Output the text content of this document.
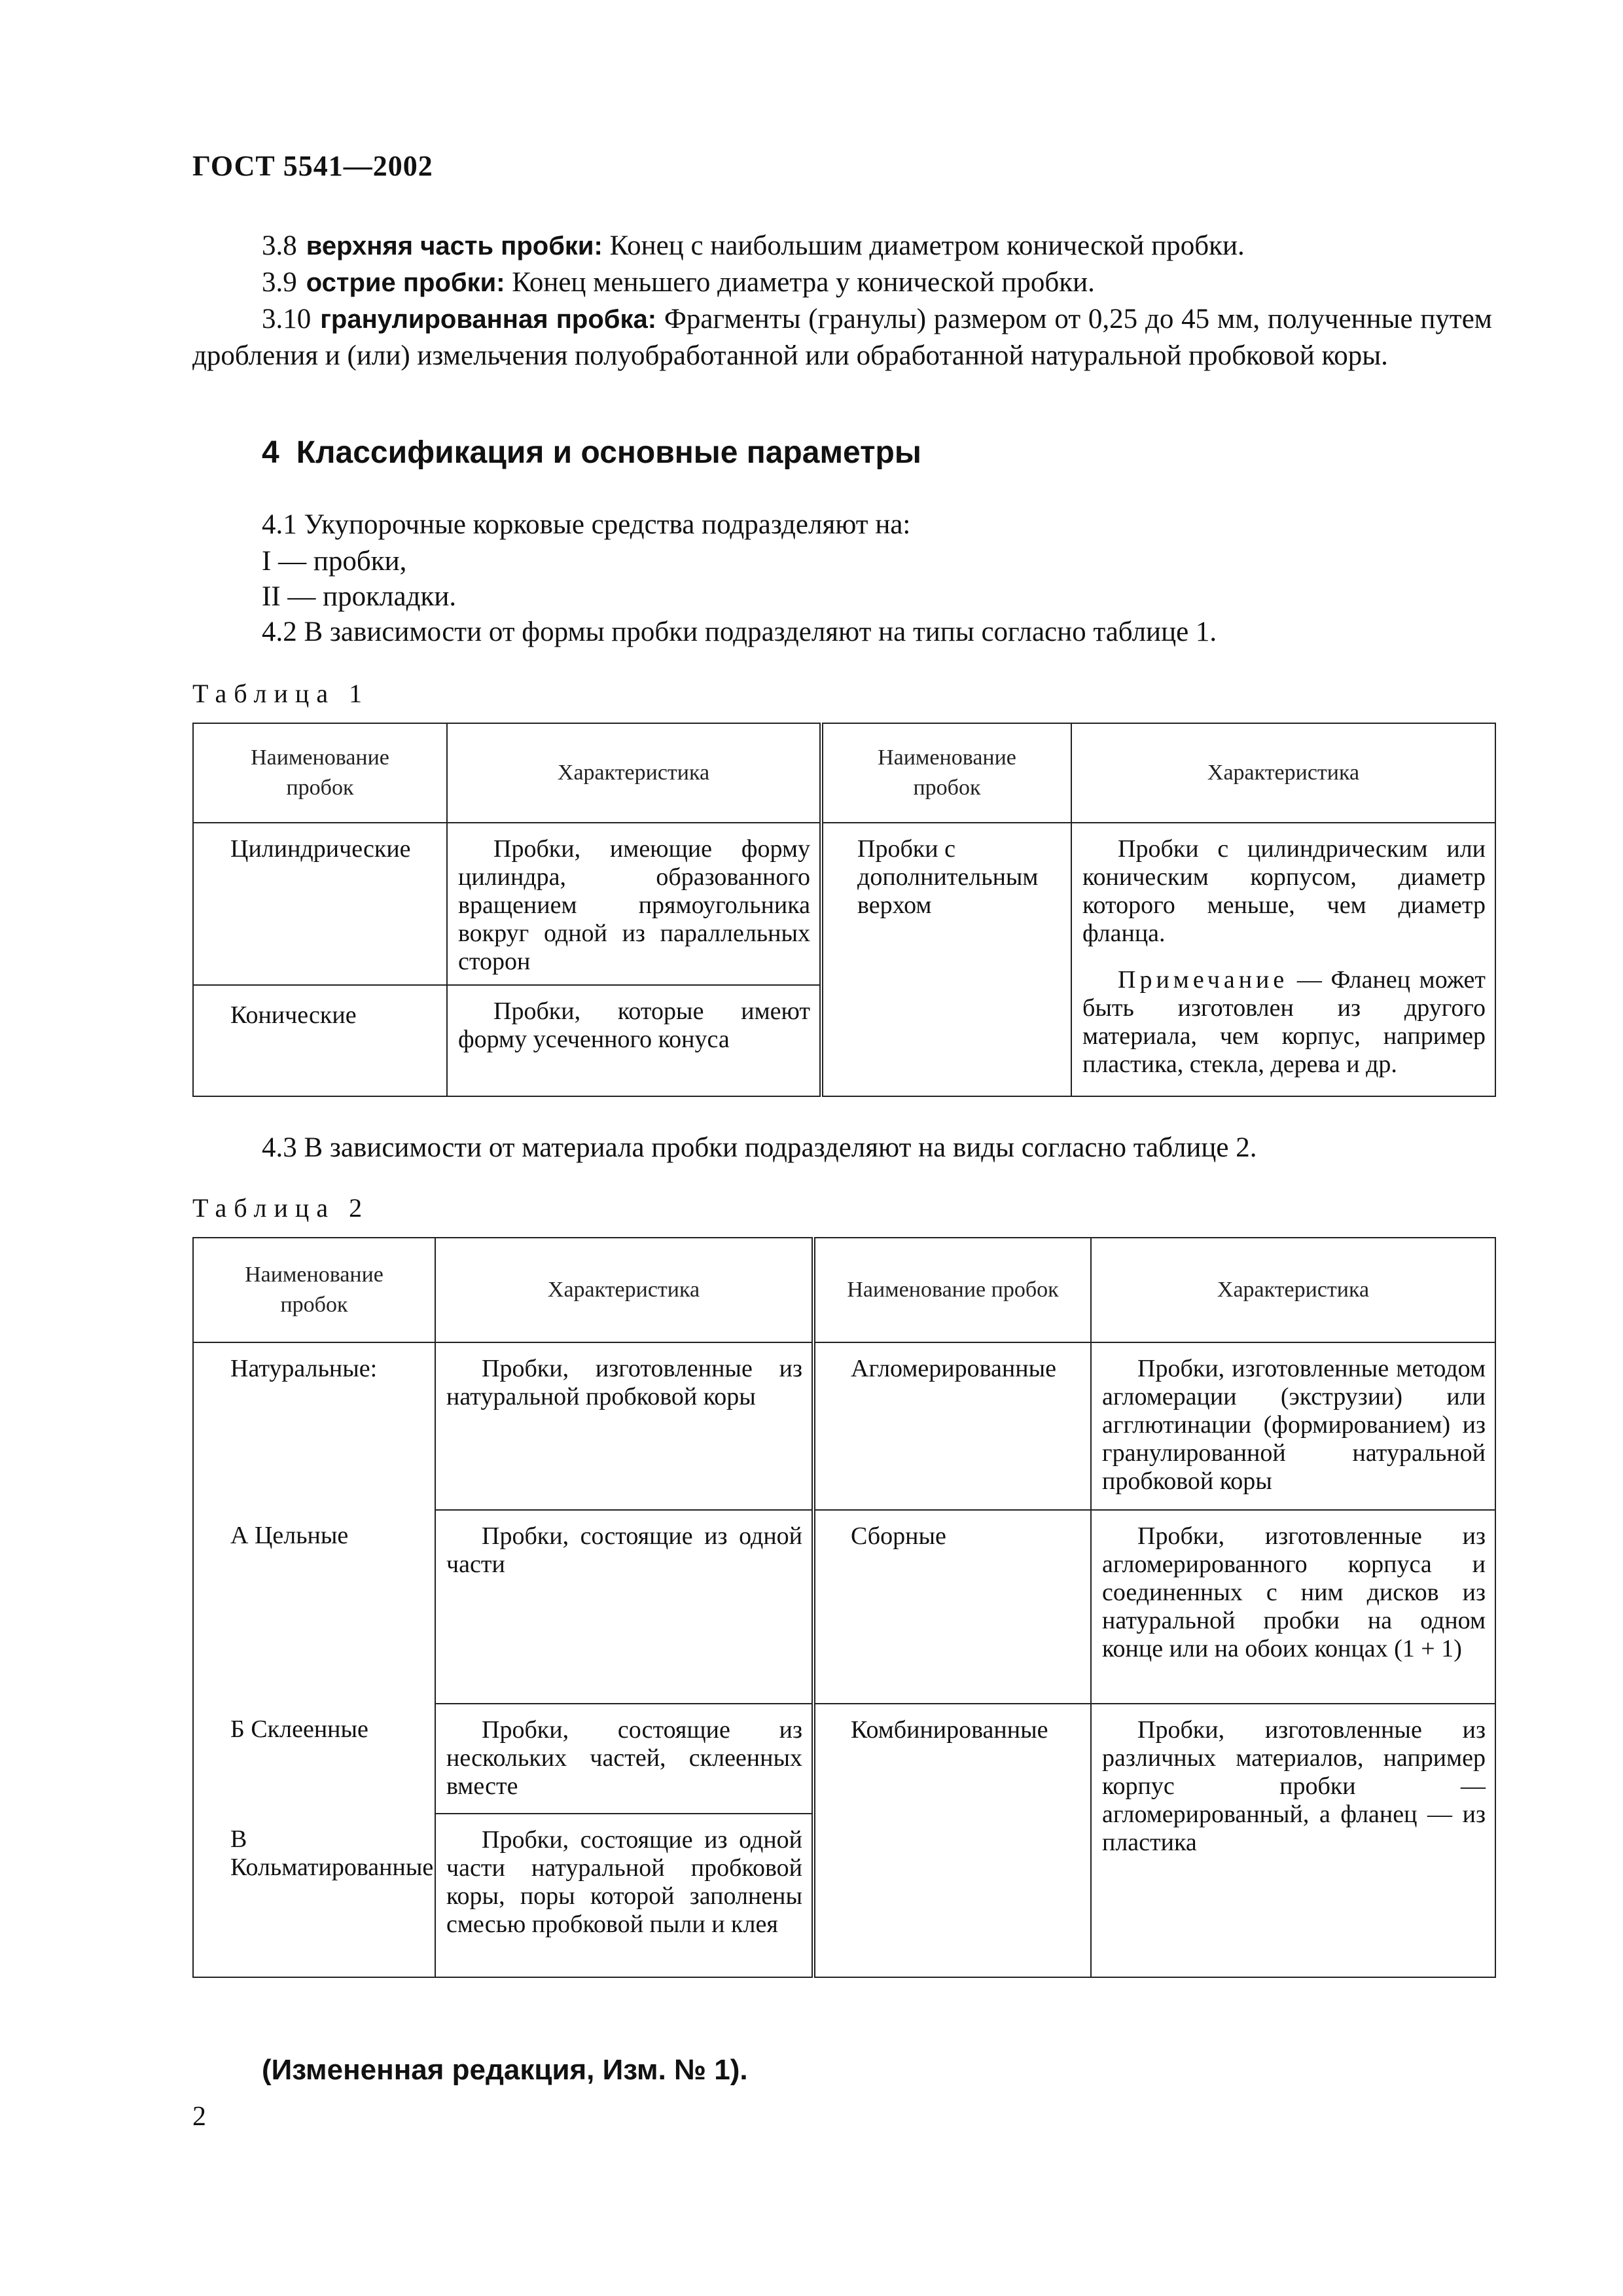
ГОСТ 5541—2002
3.8 верхняя часть пробки: Конец с наибольшим диаметром конической пробки.
3.9 острие пробки: Конец меньшего диаметра у конической пробки.
3.10 гранулированная пробка: Фрагменты (гранулы) размером от 0,25 до 45 мм, полученные путем дробления и (или) измельчения полуобработанной или обработанной натуральной пробковой коры.
4 Классификация и основные параметры
4.1 Укупорочные корковые средства подразделяют на:
I — пробки,
II — прокладки.
4.2 В зависимости от формы пробки подразделяют на типы согласно таблице 1.
Таблица 1
Наименование пробок	Характеристика	Наименование пробок	Характеристика

Цилиндрические	Пробки, имеющие форму цилиндра, образованного вращением прямоугольника вокруг одной из параллельных сторон	Пробки с дополнительным верхом	Пробки с цилиндрическим или коническим корпусом, диаметр которого меньше, чем диаметр фланца.
Примечание — Фланец может быть изготовлен из другого материала, чем корпус, например пластика, стекла, дерева и др.

Конические	Пробки, которые имеют форму усеченного конуса		
4.3 В зависимости от материала пробки подразделяют на виды согласно таблице 2.
Таблица 2
Наименование пробок	Характеристика	Наименование пробок	Характеристика

Натуральные:	Пробки, изготовленные из натуральной пробковой коры	Агломерированные	Пробки, изготовленные методом агломерации (экструзии) или агглютинации (формированием) из гранулированной натуральной пробковой коры

А Цельные	Пробки, состоящие из одной части	Сборные	Пробки, изготовленные из агломерированного корпуса и соединенных с ним дисков из натуральной пробки на одном конце или на обоих концах (1 + 1)

Б Склеенные	Пробки, состоящие из нескольких частей, склеенных вместе	Комбинированные	Пробки, изготовленные из различных материалов, например корпус пробки — агломерированный, а фланец — из пластика

В Кольматированные	Пробки, состоящие из одной части натуральной пробковой коры, поры которой заполнены смесью пробковой пыли и клея		
(Измененная редакция, Изм. № 1).
2
